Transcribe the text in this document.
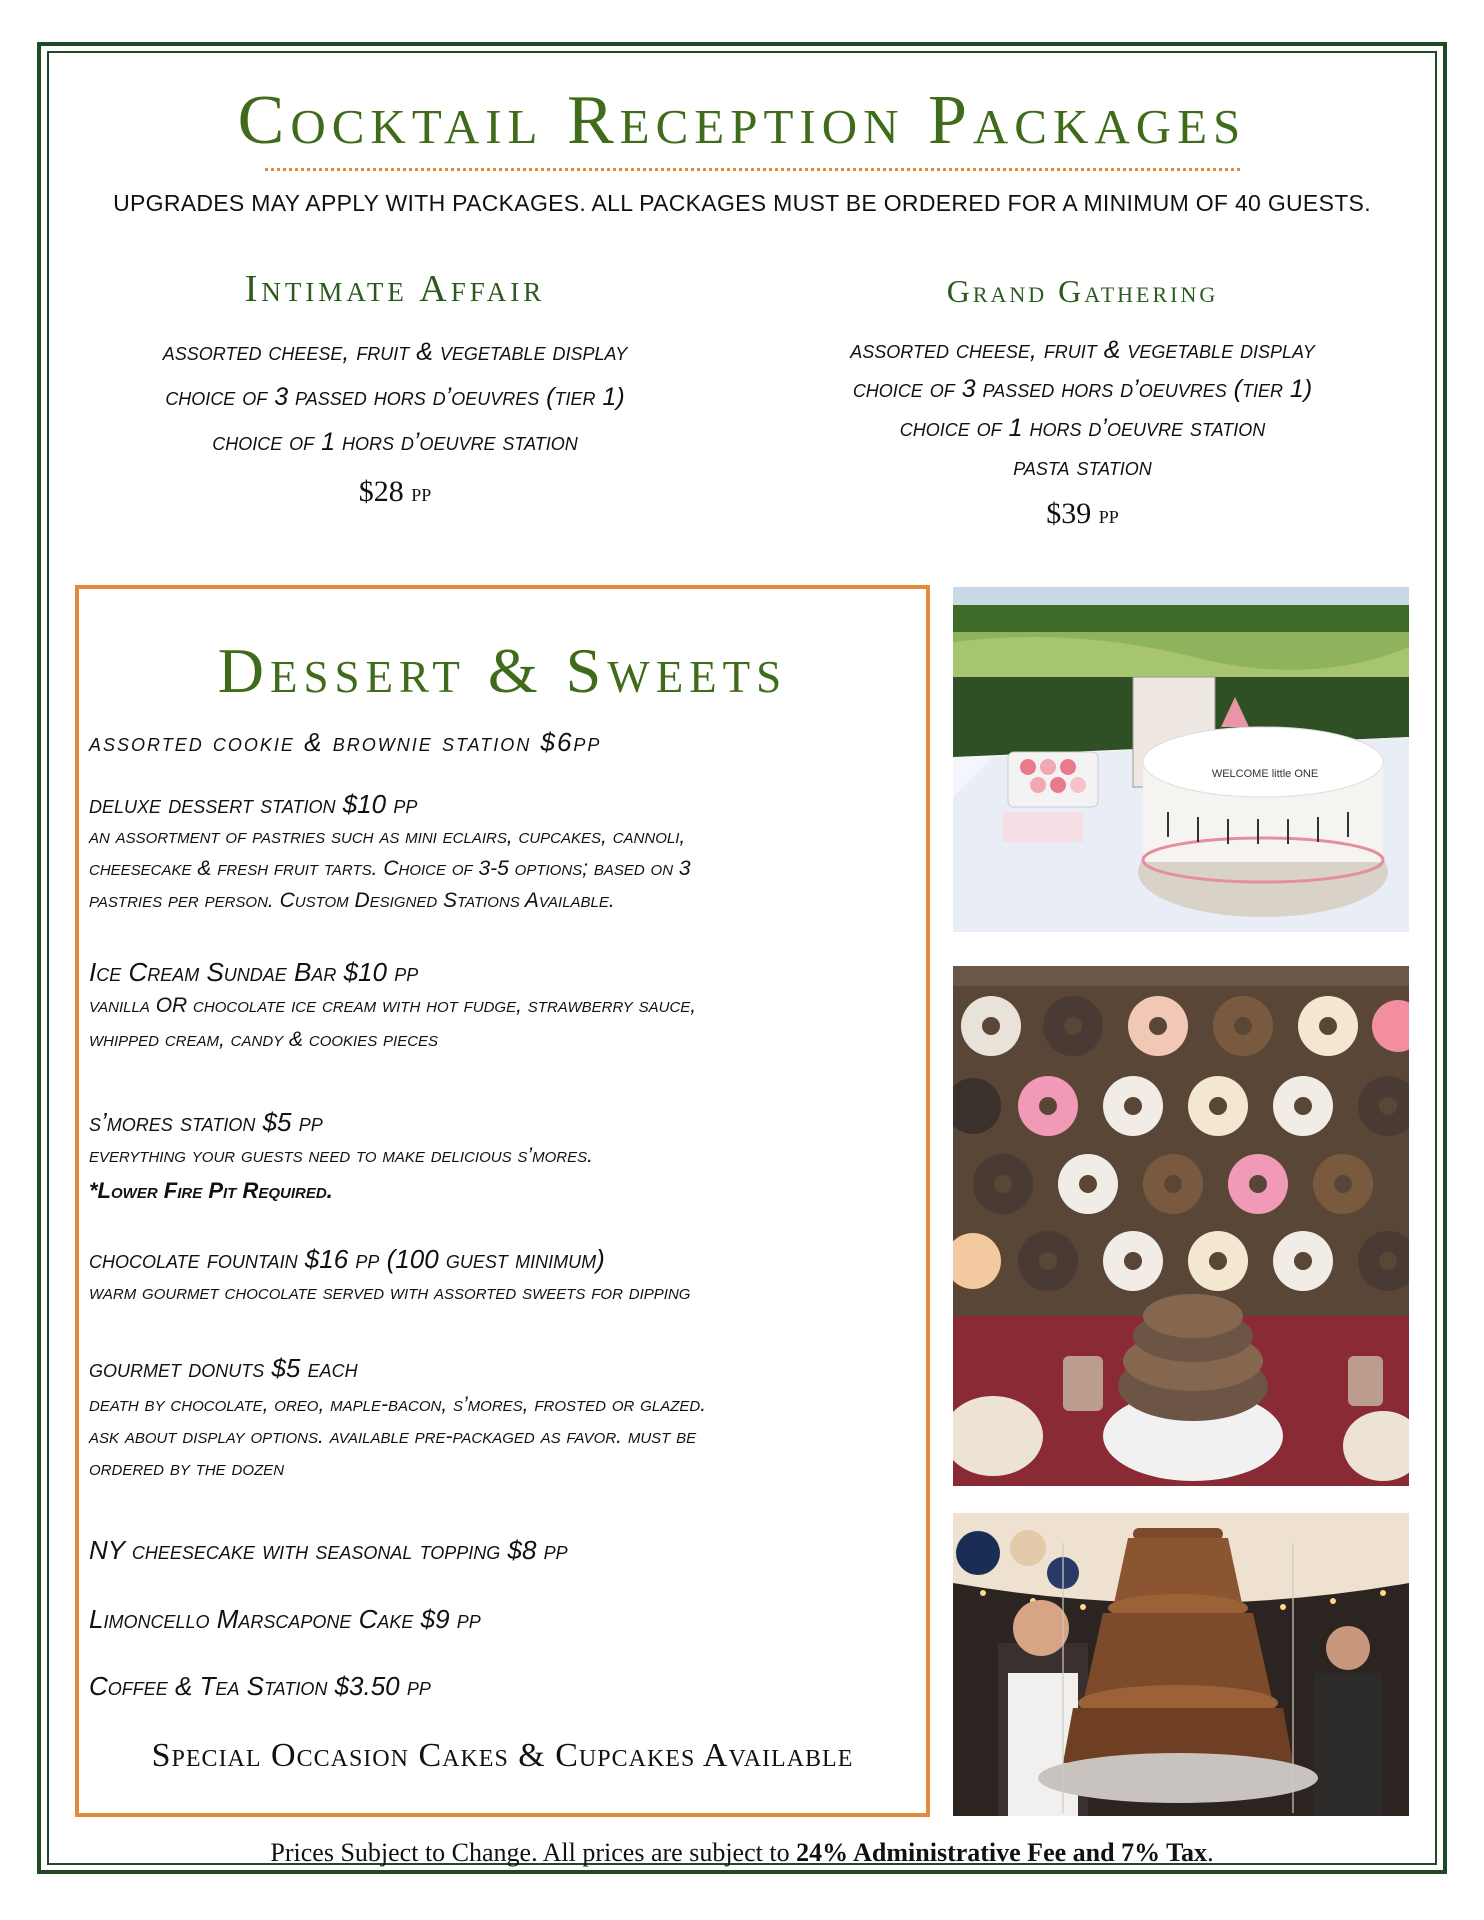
Cocktail Reception Packages
UPGRADES MAY APPLY WITH PACKAGES. ALL PACKAGES MUST BE ORDERED FOR A MINIMUM OF 40 GUESTS.
Intimate Affair
assorted cheese, fruit & vegetable display
choice of 3 passed hors d’oeuvres (tier 1)
choice of 1 hors d’oeuvre station
$28 pp
Grand Gathering
assorted cheese, fruit & vegetable display
choice of 3 passed hors d’oeuvres (tier 1)
choice of 1 hors d’oeuvre station
pasta station
$39 pp
Dessert & Sweets
assorted cookie & brownie station $6pp
deluxe dessert station $10 pp
an assortment of pastries such as mini eclairs, cupcakes, cannoli,
cheesecake & fresh fruit tarts. Choice of 3-5 options; based on 3
pastries per person. Custom Designed Stations Available.
Ice Cream Sundae Bar $10 pp
vanilla OR chocolate ice cream with hot fudge, strawberry sauce,
whipped cream, candy & cookies pieces
s’mores station $5 pp
everything your guests need to make delicious s’mores.
*Lower Fire Pit Required.
chocolate fountain $16 pp (100 guest minimum)
warm gourmet chocolate served with assorted sweets for dipping
gourmet donuts $5 each
death by chocolate, oreo, maple-bacon, s’mores, frosted or glazed.
ask about display options. available pre-packaged as favor. must be
ordered by the dozen
NY cheesecake with seasonal topping $8 pp
Limoncello Marscapone Cake $9 pp
Coffee & Tea Station $3.50 pp
Special Occasion Cakes & Cupcakes Available
WELCOME little ONE
Prices Subject to Change. All prices are subject to 24% Administrative Fee and 7% Tax.
